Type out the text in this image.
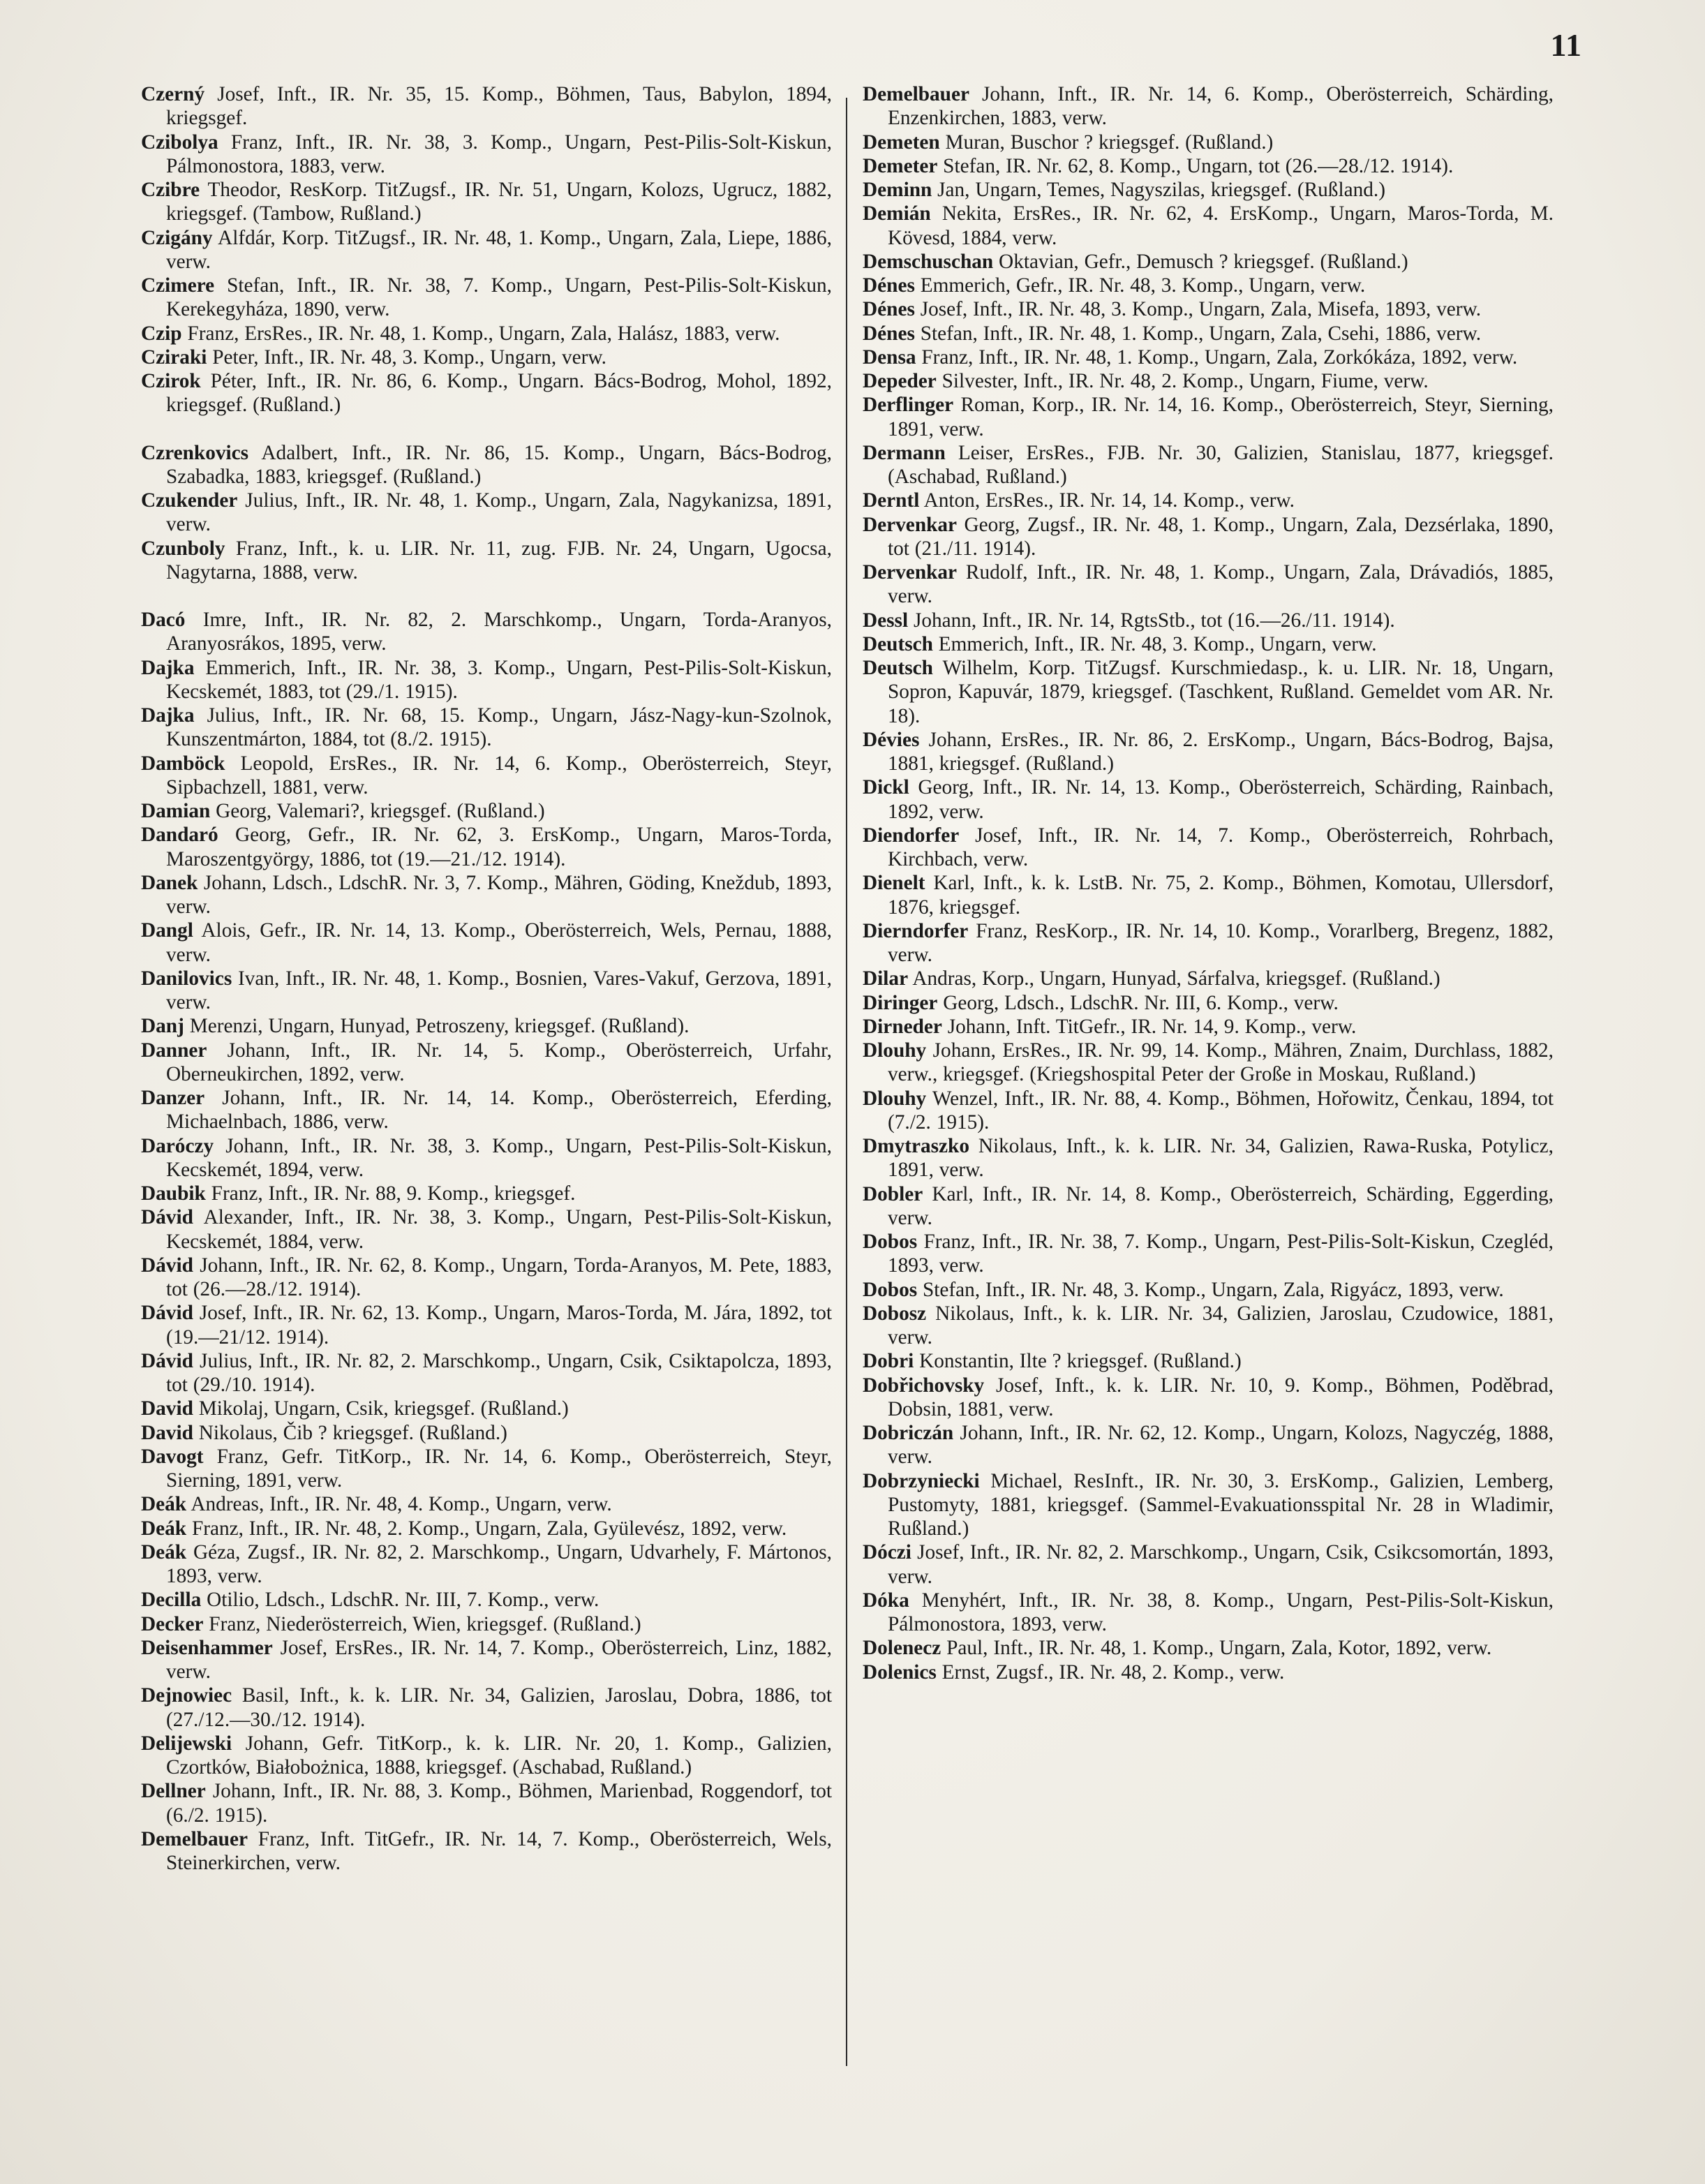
11
Czerný Josef, Inft., IR. Nr. 35, 15. Komp., Böhmen, Taus, Babylon, 1894, kriegsgef.
Czibolya Franz, Inft., IR. Nr. 38, 3. Komp., Ungarn, Pest-Pilis-Solt-Kiskun, Pálmonostora, 1883, verw.
Czibre Theodor, ResKorp. TitZugsf., IR. Nr. 51, Ungarn, Kolozs, Ugrucz, 1882, kriegsgef. (Tambow, Rußland.)
Czigány Alfdár, Korp. TitZugsf., IR. Nr. 48, 1. Komp., Ungarn, Zala, Liepe, 1886, verw.
Czimere Stefan, Inft., IR. Nr. 38, 7. Komp., Ungarn, Pest-Pilis-Solt-Kiskun, Kerekegyháza, 1890, verw.
Czip Franz, ErsRes., IR. Nr. 48, 1. Komp., Ungarn, Zala, Halász, 1883, verw.
Cziraki Peter, Inft., IR. Nr. 48, 3. Komp., Ungarn, verw.
Czirok Péter, Inft., IR. Nr. 86, 6. Komp., Ungarn. Bács-Bodrog, Mohol, 1892, kriegsgef. (Rußland.)
Czrenkovics Adalbert, Inft., IR. Nr. 86, 15. Komp., Ungarn, Bács-Bodrog, Szabadka, 1883, kriegsgef. (Rußland.)
Czukender Julius, Inft., IR. Nr. 48, 1. Komp., Ungarn, Zala, Nagykanizsa, 1891, verw.
Czunboly Franz, Inft., k. u. LIR. Nr. 11, zug. FJB. Nr. 24, Ungarn, Ugocsa, Nagytarna, 1888, verw.
Dacó Imre, Inft., IR. Nr. 82, 2. Marschkomp., Ungarn, Torda-Aranyos, Aranyosrákos, 1895, verw.
Dajka Emmerich, Inft., IR. Nr. 38, 3. Komp., Ungarn, Pest-Pilis-Solt-Kiskun, Kecskemét, 1883, tot (29./1. 1915).
Dajka Julius, Inft., IR. Nr. 68, 15. Komp., Ungarn, Jász-Nagy-kun-Szolnok, Kunszentmárton, 1884, tot (8./2. 1915).
Damböck Leopold, ErsRes., IR. Nr. 14, 6. Komp., Oberösterreich, Steyr, Sipbachzell, 1881, verw.
Damian Georg, Valemari?, kriegsgef. (Rußland.)
Dandaró Georg, Gefr., IR. Nr. 62, 3. ErsKomp., Ungarn, Maros-Torda, Maroszentgyörgy, 1886, tot (19.—21./12. 1914).
Danek Johann, Ldsch., LdschR. Nr. 3, 7. Komp., Mähren, Göding, Kneždub, 1893, verw.
Dangl Alois, Gefr., IR. Nr. 14, 13. Komp., Oberösterreich, Wels, Pernau, 1888, verw.
Danilovics Ivan, Inft., IR. Nr. 48, 1. Komp., Bosnien, Vares-Vakuf, Gerzova, 1891, verw.
Danj Merenzi, Ungarn, Hunyad, Petroszeny, kriegsgef. (Rußland).
Danner Johann, Inft., IR. Nr. 14, 5. Komp., Oberösterreich, Urfahr, Oberneukirchen, 1892, verw.
Danzer Johann, Inft., IR. Nr. 14, 14. Komp., Oberösterreich, Eferding, Michaelnbach, 1886, verw.
Daróczy Johann, Inft., IR. Nr. 38, 3. Komp., Ungarn, Pest-Pilis-Solt-Kiskun, Kecskemét, 1894, verw.
Daubik Franz, Inft., IR. Nr. 88, 9. Komp., kriegsgef.
Dávid Alexander, Inft., IR. Nr. 38, 3. Komp., Ungarn, Pest-Pilis-Solt-Kiskun, Kecskemét, 1884, verw.
Dávid Johann, Inft., IR. Nr. 62, 8. Komp., Ungarn, Torda-Aranyos, M. Pete, 1883, tot (26.—28./12. 1914).
Dávid Josef, Inft., IR. Nr. 62, 13. Komp., Ungarn, Maros-Torda, M. Jára, 1892, tot (19.—21/12. 1914).
Dávid Julius, Inft., IR. Nr. 82, 2. Marschkomp., Ungarn, Csik, Csiktapolcza, 1893, tot (29./10. 1914).
David Mikolaj, Ungarn, Csik, kriegsgef. (Rußland.)
David Nikolaus, Čib ? kriegsgef. (Rußland.)
Davogt Franz, Gefr. TitKorp., IR. Nr. 14, 6. Komp., Oberösterreich, Steyr, Sierning, 1891, verw.
Deák Andreas, Inft., IR. Nr. 48, 4. Komp., Ungarn, verw.
Deák Franz, Inft., IR. Nr. 48, 2. Komp., Ungarn, Zala, Gyülevész, 1892, verw.
Deák Géza, Zugsf., IR. Nr. 82, 2. Marschkomp., Ungarn, Udvarhely, F. Mártonos, 1893, verw.
Decilla Otilio, Ldsch., LdschR. Nr. III, 7. Komp., verw.
Decker Franz, Niederösterreich, Wien, kriegsgef. (Rußland.)
Deisenhammer Josef, ErsRes., IR. Nr. 14, 7. Komp., Oberösterreich, Linz, 1882, verw.
Dejnowiec Basil, Inft., k. k. LIR. Nr. 34, Galizien, Jaroslau, Dobra, 1886, tot (27./12.—30./12. 1914).
Delijewski Johann, Gefr. TitKorp., k. k. LIR. Nr. 20, 1. Komp., Galizien, Czortków, Białobożnica, 1888, kriegsgef. (Aschabad, Rußland.)
Dellner Johann, Inft., IR. Nr. 88, 3. Komp., Böhmen, Marienbad, Roggendorf, tot (6./2. 1915).
Demelbauer Franz, Inft. TitGefr., IR. Nr. 14, 7. Komp., Oberösterreich, Wels, Steinerkirchen, verw.
Demelbauer Johann, Inft., IR. Nr. 14, 6. Komp., Oberösterreich, Schärding, Enzenkirchen, 1883, verw.
Demeten Muran, Buschor ? kriegsgef. (Rußland.)
Demeter Stefan, IR. Nr. 62, 8. Komp., Ungarn, tot (26.—28./12. 1914).
Deminn Jan, Ungarn, Temes, Nagyszilas, kriegsgef. (Rußland.)
Demián Nekita, ErsRes., IR. Nr. 62, 4. ErsKomp., Ungarn, Maros-Torda, M. Kövesd, 1884, verw.
Demschuschan Oktavian, Gefr., Demusch ? kriegsgef. (Rußland.)
Dénes Emmerich, Gefr., IR. Nr. 48, 3. Komp., Ungarn, verw.
Dénes Josef, Inft., IR. Nr. 48, 3. Komp., Ungarn, Zala, Misefa, 1893, verw.
Dénes Stefan, Inft., IR. Nr. 48, 1. Komp., Ungarn, Zala, Csehi, 1886, verw.
Densa Franz, Inft., IR. Nr. 48, 1. Komp., Ungarn, Zala, Zorkókáza, 1892, verw.
Depeder Silvester, Inft., IR. Nr. 48, 2. Komp., Ungarn, Fiume, verw.
Derflinger Roman, Korp., IR. Nr. 14, 16. Komp., Oberösterreich, Steyr, Sierning, 1891, verw.
Dermann Leiser, ErsRes., FJB. Nr. 30, Galizien, Stanislau, 1877, kriegsgef. (Aschabad, Rußland.)
Derntl Anton, ErsRes., IR. Nr. 14, 14. Komp., verw.
Dervenkar Georg, Zugsf., IR. Nr. 48, 1. Komp., Ungarn, Zala, Dezsérlaka, 1890, tot (21./11. 1914).
Dervenkar Rudolf, Inft., IR. Nr. 48, 1. Komp., Ungarn, Zala, Drávadiós, 1885, verw.
Dessl Johann, Inft., IR. Nr. 14, RgtsStb., tot (16.—26./11. 1914).
Deutsch Emmerich, Inft., IR. Nr. 48, 3. Komp., Ungarn, verw.
Deutsch Wilhelm, Korp. TitZugsf. Kurschmiedasp., k. u. LIR. Nr. 18, Ungarn, Sopron, Kapuvár, 1879, kriegsgef. (Taschkent, Rußland. Gemeldet vom AR. Nr. 18).
Dévies Johann, ErsRes., IR. Nr. 86, 2. ErsKomp., Ungarn, Bács-Bodrog, Bajsa, 1881, kriegsgef. (Rußland.)
Dickl Georg, Inft., IR. Nr. 14, 13. Komp., Oberösterreich, Schärding, Rainbach, 1892, verw.
Diendorfer Josef, Inft., IR. Nr. 14, 7. Komp., Oberösterreich, Rohrbach, Kirchbach, verw.
Dienelt Karl, Inft., k. k. LstB. Nr. 75, 2. Komp., Böhmen, Komotau, Ullersdorf, 1876, kriegsgef.
Dierndorfer Franz, ResKorp., IR. Nr. 14, 10. Komp., Vorarlberg, Bregenz, 1882, verw.
Dilar Andras, Korp., Ungarn, Hunyad, Sárfalva, kriegsgef. (Rußland.)
Diringer Georg, Ldsch., LdschR. Nr. III, 6. Komp., verw.
Dirneder Johann, Inft. TitGefr., IR. Nr. 14, 9. Komp., verw.
Dlouhy Johann, ErsRes., IR. Nr. 99, 14. Komp., Mähren, Znaim, Durchlass, 1882, verw., kriegsgef. (Kriegshospital Peter der Große in Moskau, Rußland.)
Dlouhy Wenzel, Inft., IR. Nr. 88, 4. Komp., Böhmen, Hořowitz, Čenkau, 1894, tot (7./2. 1915).
Dmytraszko Nikolaus, Inft., k. k. LIR. Nr. 34, Galizien, Rawa-Ruska, Potylicz, 1891, verw.
Dobler Karl, Inft., IR. Nr. 14, 8. Komp., Oberösterreich, Schärding, Eggerding, verw.
Dobos Franz, Inft., IR. Nr. 38, 7. Komp., Ungarn, Pest-Pilis-Solt-Kiskun, Czegléd, 1893, verw.
Dobos Stefan, Inft., IR. Nr. 48, 3. Komp., Ungarn, Zala, Rigyácz, 1893, verw.
Dobosz Nikolaus, Inft., k. k. LIR. Nr. 34, Galizien, Jaroslau, Czudowice, 1881, verw.
Dobri Konstantin, Ilte ? kriegsgef. (Rußland.)
Dobřichovsky Josef, Inft., k. k. LIR. Nr. 10, 9. Komp., Böhmen, Poděbrad, Dobsin, 1881, verw.
Dobriczán Johann, Inft., IR. Nr. 62, 12. Komp., Ungarn, Kolozs, Nagyczég, 1888, verw.
Dobrzyniecki Michael, ResInft., IR. Nr. 30, 3. ErsKomp., Galizien, Lemberg, Pustomyty, 1881, kriegsgef. (Sammel-Evakuationsspital Nr. 28 in Wladimir, Rußland.)
Dóczi Josef, Inft., IR. Nr. 82, 2. Marschkomp., Ungarn, Csik, Csikcsomortán, 1893, verw.
Dóka Menyhért, Inft., IR. Nr. 38, 8. Komp., Ungarn, Pest-Pilis-Solt-Kiskun, Pálmonostora, 1893, verw.
Dolenecz Paul, Inft., IR. Nr. 48, 1. Komp., Ungarn, Zala, Kotor, 1892, verw.
Dolenics Ernst, Zugsf., IR. Nr. 48, 2. Komp., verw.
